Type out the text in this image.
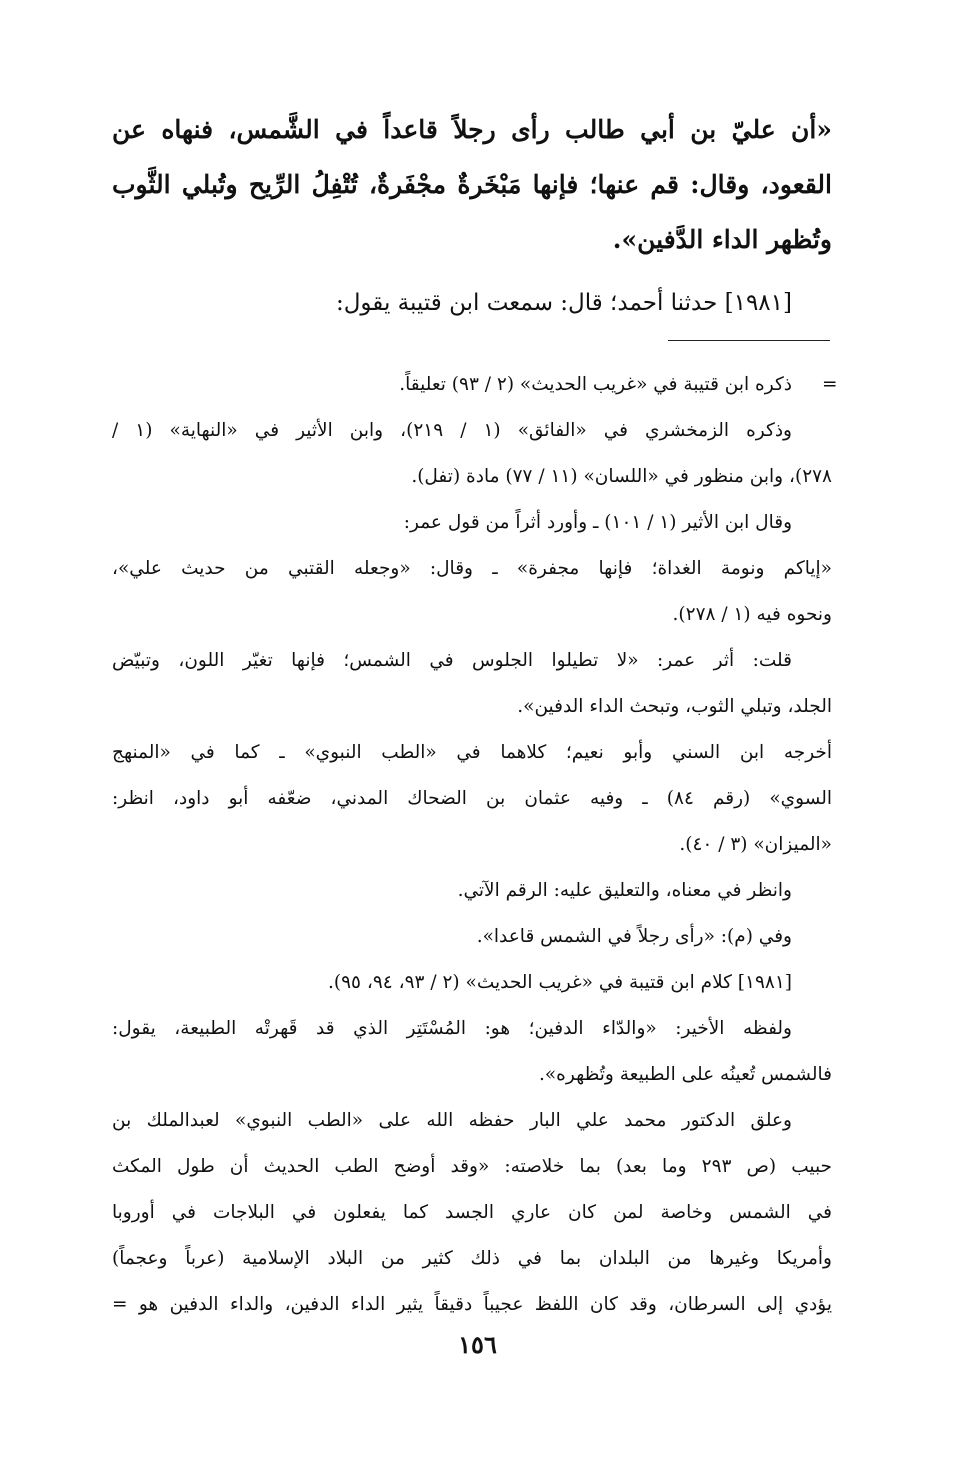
«أن عليّ بن أبي طالب رأى رجلاً قاعداً في الشَّمس، فنهاه عن
القعود، وقال: قم عنها؛ فإنها مَبْخَرةٌ مجْفَرةٌ، تُتْفِلُ الرِّيح وتُبلي الثَّوب
وتُظهر الداء الدَّفين».
[١٩٨١] حدثنا أحمد؛ قال: سمعت ابن قتيبة يقول:
=
ذكره ابن قتيبة في «غريب الحديث» (٢ / ٩٣) تعليقاً.
وذكره الزمخشري في «الفائق» (١ / ٢١٩)، وابن الأثير في «النهاية» (١ /
٢٧٨)، وابن منظور في «اللسان» (١١ / ٧٧) مادة (تفل).
وقال ابن الأثير (١ / ١٠١) ـ وأورد أثراً من قول عمر:
«إياكم ونومة الغداة؛ فإنها مجفرة» ـ وقال: «وجعله القتبي من حديث علي»،
ونحوه فيه (١ / ٢٧٨).
قلت: أثر عمر: «لا تطيلوا الجلوس في الشمس؛ فإنها تغيّر اللون، وتبيّض
الجلد، وتبلي الثوب، وتبحث الداء الدفين».
أخرجه ابن السني وأبو نعيم؛ كلاهما في «الطب النبوي» ـ كما في «المنهج
السوي» (رقم ٨٤) ـ وفيه عثمان بن الضحاك المدني، ضعّفه أبو داود، انظر:
«الميزان» (٣ / ٤٠).
وانظر في معناه، والتعليق عليه: الرقم الآتي.
وفي (م): «رأى رجلاً في الشمس قاعدا».
[١٩٨١] كلام ابن قتيبة في «غريب الحديث» (٢ / ٩٣، ٩٤، ٩٥).
ولفظه الأخير: «والدّاء الدفين؛ هو: المُسْتَتِر الذي قد قَهرتْه الطبيعة، يقول:
فالشمس تُعينُه على الطبيعة وتُظهره».
وعلق الدكتور محمد علي البار حفظه الله على «الطب النبوي» لعبدالملك بن
حبيب (ص ٢٩٣ وما بعد) بما خلاصته: «وقد أوضح الطب الحديث أن طول المكث
في الشمس وخاصة لمن كان عاري الجسد كما يفعلون في البلاجات في أوروبا
وأمريكا وغيرها من البلدان بما في ذلك كثير من البلاد الإسلامية (عرباً وعجماً)
يؤدي إلى السرطان، وقد كان اللفظ عجيباً دقيقاً يثير الداء الدفين، والداء الدفين هو =
١٥٦
